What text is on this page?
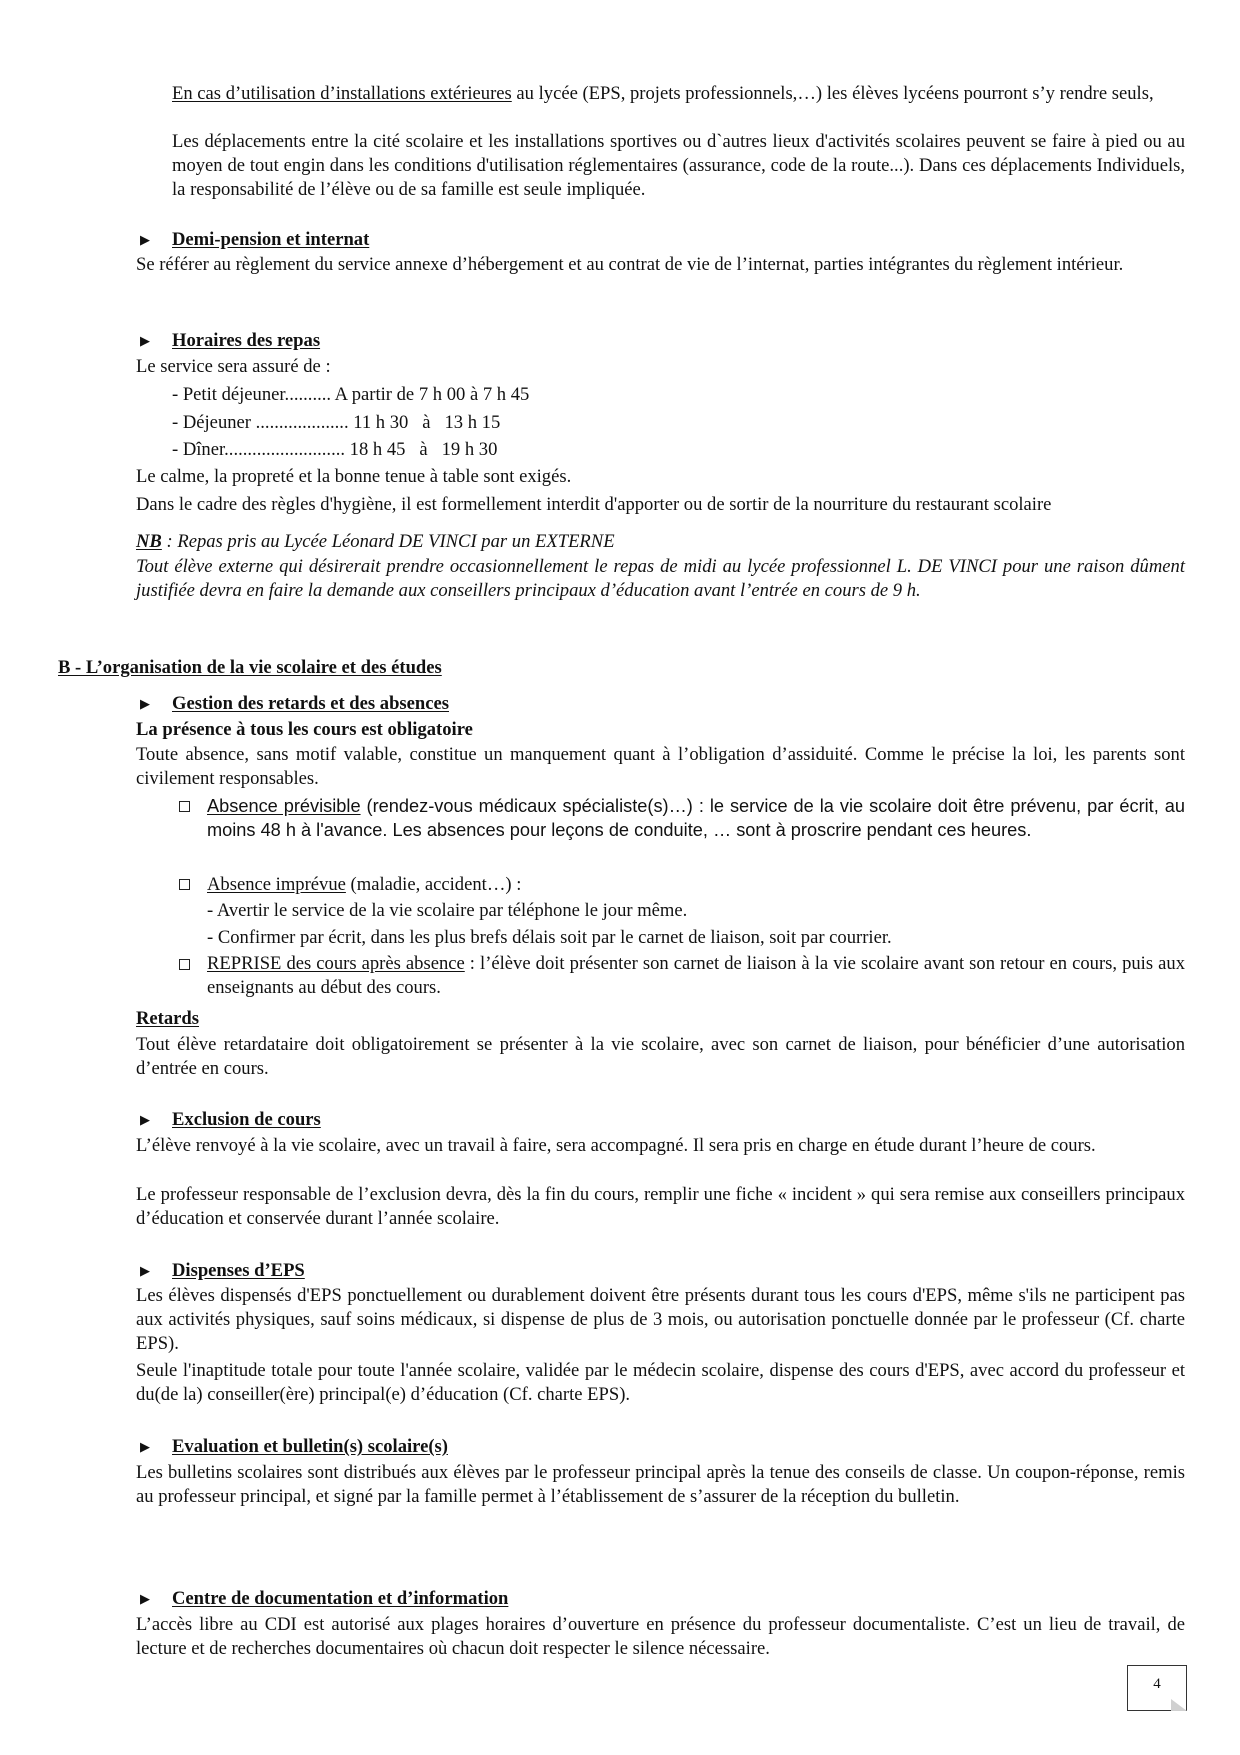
En cas d’utilisation d’installations extérieures au lycée (EPS, projets professionnels,…) les élèves lycéens pourront s’y rendre seuls,
Les déplacements entre la cité scolaire et les installations sportives ou d`autres lieux d'activités scolaires peuvent se faire à pied ou au moyen de tout engin dans les conditions d'utilisation réglementaires (assurance, code de la route...). Dans ces déplacements Individuels, la responsabilité de l’élève ou de sa famille est seule impliquée.
▶ Demi-pension et internat
Se référer au règlement du service annexe d’hébergement et au contrat de vie de l’internat, parties intégrantes du règlement intérieur.
▶ Horaires des repas
Le service sera assuré de :
- Petit déjeuner.......... A partir de 7 h 00 à 7 h 45
- Déjeuner .................... 11 h 30   à   13 h 15
- Dîner.......................... 18 h 45   à   19 h 30
Le calme, la propreté et la bonne tenue à table sont exigés.
Dans le cadre des règles d'hygiène, il est formellement interdit d'apporter ou de sortir de la nourriture du restaurant scolaire
NB : Repas pris au Lycée Léonard DE VINCI par un EXTERNE
Tout élève externe qui désirerait prendre occasionnellement le repas de midi au lycée professionnel L. DE VINCI pour une raison dûment justifiée devra en faire la demande aux conseillers principaux d’éducation avant l’entrée en cours de 9 h.
B - L’organisation de la vie scolaire et des études
▶ Gestion des retards et des absences
La présence à tous les cours est obligatoire
Toute absence, sans motif valable, constitue un manquement quant à l’obligation d’assiduité. Comme le précise la loi, les parents sont civilement responsables.
Absence prévisible (rendez-vous médicaux spécialiste(s)…) : le service de la vie scolaire doit être prévenu, par écrit, au moins 48 h à l'avance. Les absences pour leçons de conduite, … sont à proscrire pendant ces heures.
Absence imprévue (maladie, accident…) :
- Avertir le service de la vie scolaire par téléphone le jour même.
- Confirmer par écrit, dans les plus brefs délais soit par le carnet de liaison, soit par courrier.
REPRISE des cours après absence : l’élève doit présenter son carnet de liaison à la vie scolaire avant son retour en cours, puis aux enseignants au début des cours.
Retards
Tout élève retardataire doit obligatoirement se présenter à la vie scolaire, avec son carnet de liaison, pour bénéficier d’une autorisation d’entrée en cours.
▶ Exclusion de cours
L’élève renvoyé à la vie scolaire, avec un travail à faire, sera accompagné. Il sera pris en charge en étude durant l’heure de cours.
Le professeur responsable de l’exclusion devra, dès la fin du cours, remplir une fiche « incident » qui sera remise aux conseillers principaux d’éducation et conservée durant l’année scolaire.
▶ Dispenses d’EPS
Les élèves dispensés d'EPS ponctuellement ou durablement doivent être présents durant tous les cours d'EPS, même s'ils ne participent pas aux activités physiques, sauf soins médicaux, si dispense de plus de 3 mois, ou autorisation ponctuelle donnée par le professeur (Cf. charte EPS).
Seule l'inaptitude totale pour toute l'année scolaire, validée par le médecin scolaire, dispense des cours d'EPS, avec accord du professeur et du(de la) conseiller(ère) principal(e) d’éducation (Cf. charte EPS).
▶ Evaluation et bulletin(s) scolaire(s)
Les bulletins scolaires sont distribués aux élèves par le professeur principal après la tenue des conseils de classe. Un coupon-réponse, remis au professeur principal, et signé par la famille permet à l’établissement de s’assurer de la réception du bulletin.
▶ Centre de documentation et d’information
L’accès libre au CDI est autorisé aux plages horaires d’ouverture en présence du professeur documentaliste. C’est un lieu de travail, de lecture et de recherches documentaires où chacun doit respecter le silence nécessaire.
4
